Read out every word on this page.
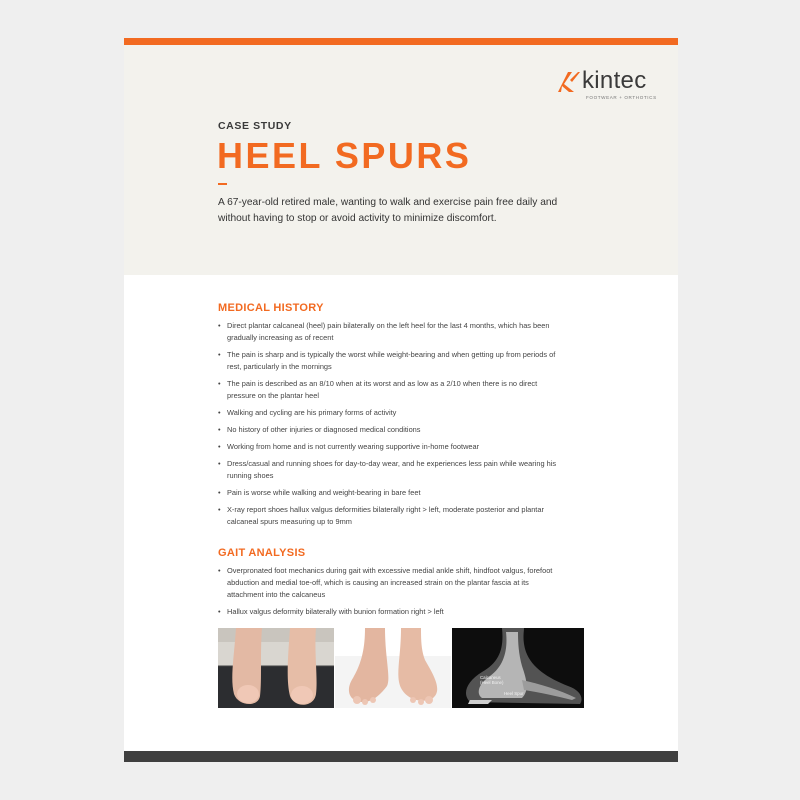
kintec
FOOTWEAR + ORTHOTICS
CASE STUDY
HEEL SPURS

A 67-year-old retired male, wanting to walk and exercise pain free daily and without having to stop or avoid activity to minimize discomfort.

MEDICAL HISTORY
• Direct plantar calcaneal (heel) pain bilaterally on the left heel for the last 4 months, which has been gradually increasing as of recent
• The pain is sharp and is typically the worst while weight-bearing and when getting up from periods of rest, particularly in the mornings
• The pain is described as an 8/10 when at its worst and as low as a 2/10 when there is no direct pressure on the plantar heel
• Walking and cycling are his primary forms of activity
• No history of other injuries or diagnosed medical conditions
• Working from home and is not currently wearing supportive in-home footwear
• Dress/casual and running shoes for day-to-day wear, and he experiences less pain while wearing his running shoes
• Pain is worse while walking and weight-bearing in bare feet
• X-ray report shoes hallux valgus deformities bilaterally right > left, moderate posterior and plantar calcaneal spurs measuring up to 9mm
GAIT ANALYSIS
• Overpronated foot mechanics during gait with excessive medial ankle shift, hindfoot valgus, forefoot abduction and medial toe-off, which is causing an increased strain on the plantar fascia at its attachment into the calcaneus
• Hallux valgus deformity bilaterally with bunion formation right > left
Calcaneus
(Heel Bone)
Heel Spur
